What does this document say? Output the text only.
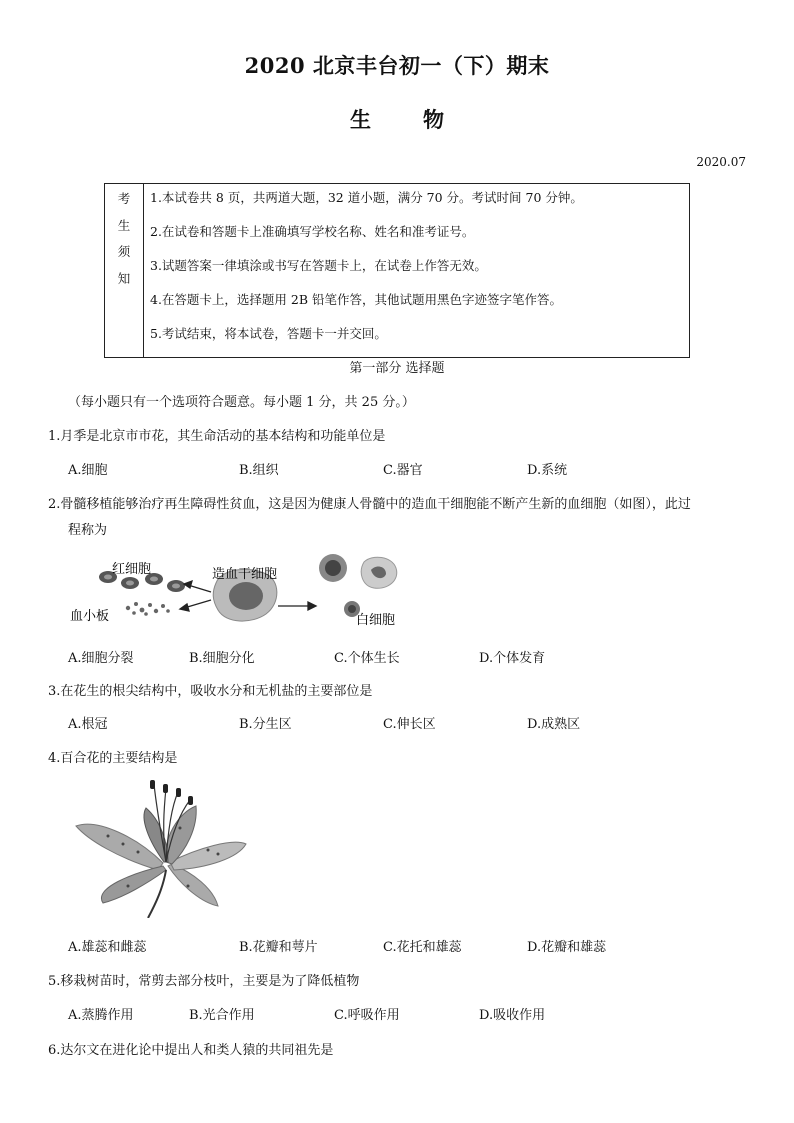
2020 北京丰台初一（下）期末
生 物
2020.07
考
生
须
知

1.本试卷共 8 页，共两道大题，32 道小题，满分 70 分。考试时间 70 分钟。
2.在试卷和答题卡上准确填写学校名称、姓名和准考证号。
3.试题答案一律填涂或书写在答题卡上，在试卷上作答无效。
4.在答题卡上，选择题用 2B 铅笔作答，其他试题用黑色字迹签字笔作答。
5.考试结束，将本试卷，答题卡一并交回。
第一部分 选择题
（每小题只有一个选项符合题意。每小题 1 分，共 25 分。）
1.月季是北京市市花，其生命活动的基本结构和功能单位是
A.细胞	B.组织	C.器官	D.系统
2.骨髓移植能够治疗再生障碍性贫血，这是因为健康人骨髓中的造血干细胞能不断产生新的血细胞（如图），此过
程称为
红细胞	造血干细胞
血小板	白细胞
A.细胞分裂	B.细胞分化	C.个体生长	D.个体发育
3.在花生的根尖结构中，吸收水分和无机盐的主要部位是
A.根冠	B.分生区	C.伸长区	D.成熟区
4.百合花的主要结构是
A.雄蕊和雌蕊	B.花瓣和萼片	C.花托和雄蕊	D.花瓣和雄蕊
5.移栽树苗时，常剪去部分枝叶，主要是为了降低植物
A.蒸腾作用	B.光合作用	C.呼吸作用	D.吸收作用
6.达尔文在进化论中提出人和类人猿的共同祖先是
